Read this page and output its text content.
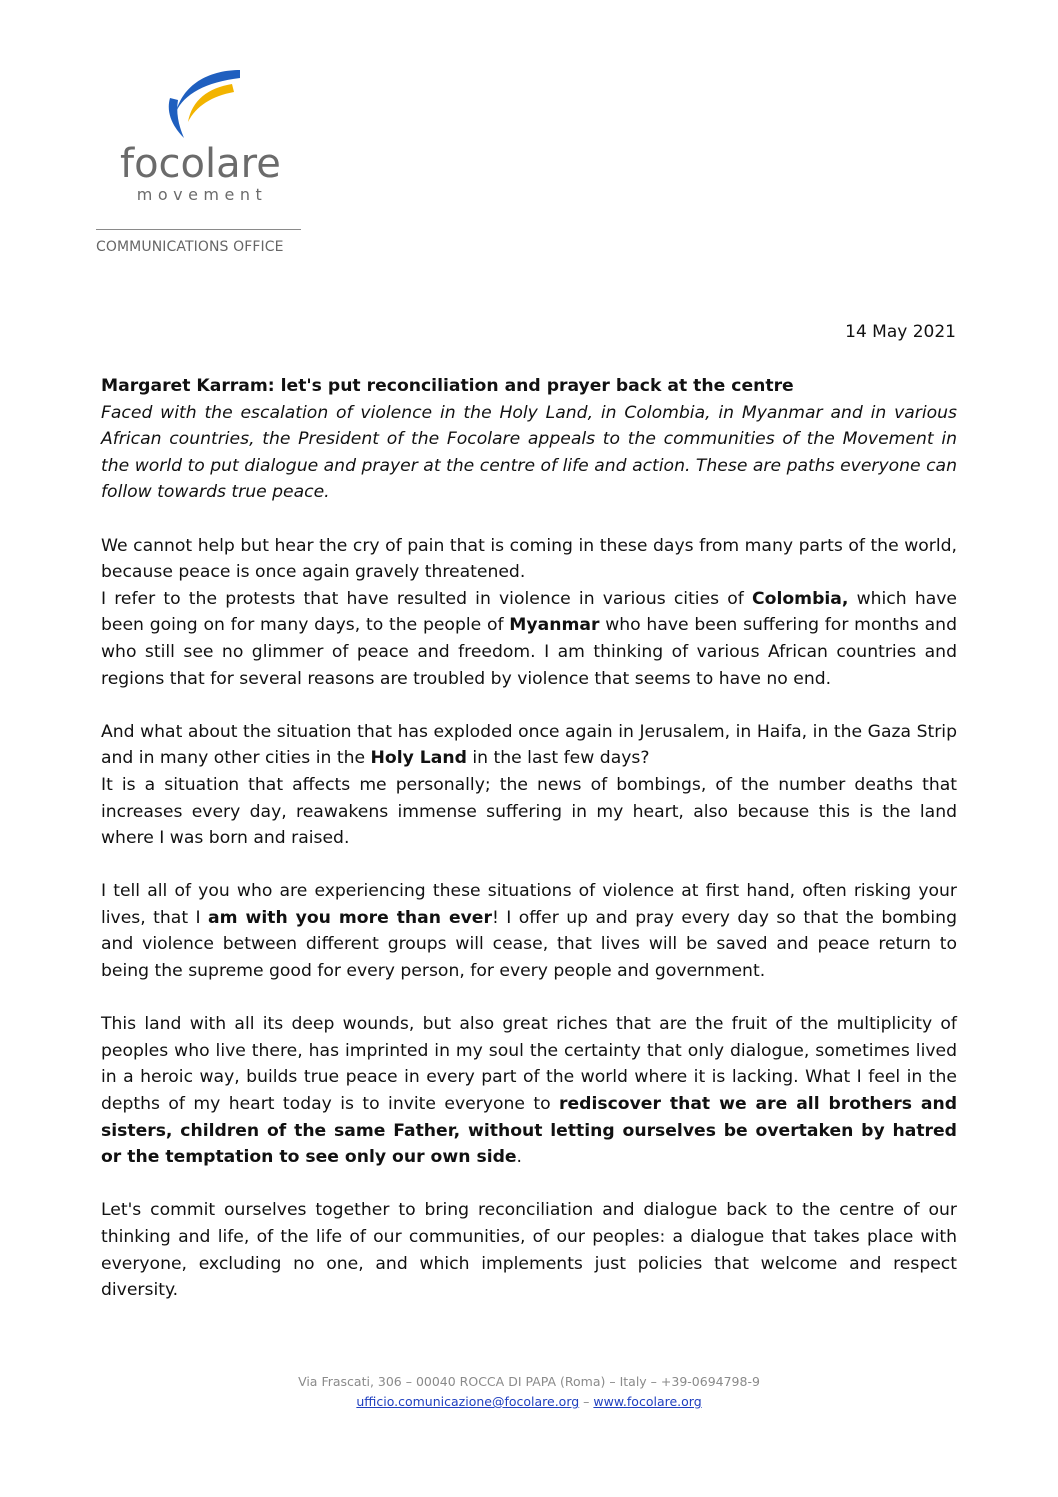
focolare
movement
COMMUNICATIONS OFFICE
14 May 2021

Margaret Karram: let's put reconciliation and prayer back at the centre

Faced with the escalation of violence in the Holy Land, in Colombia, in Myanmar and in various African countries, the President of the Focolare appeals to the communities of the Movement in the world to put dialogue and prayer at the centre of life and action. These are paths everyone can follow towards true peace.

We cannot help but hear the cry of pain that is coming in these days from many parts of the world, because peace is once again gravely threatened.

I refer to the protests that have resulted in violence in various cities of Colombia, which have been going on for many days, to the people of Myanmar who have been suffering for months and who still see no glimmer of peace and freedom. I am thinking of various African countries and regions that for several reasons are troubled by violence that seems to have no end.

And what about the situation that has exploded once again in Jerusalem, in Haifa, in the Gaza Strip and in many other cities in the Holy Land in the last few days?

It is a situation that affects me personally; the news of bombings, of the number deaths that increases every day, reawakens immense suffering in my heart, also because this is the land where I was born and raised.

I tell all of you who are experiencing these situations of violence at first hand, often risking your lives, that I am with you more than ever! I offer up and pray every day so that the bombing and violence between different groups will cease, that lives will be saved and peace return to being the supreme good for every person, for every people and government.

This land with all its deep wounds, but also great riches that are the fruit of the multiplicity of peoples who live there, has imprinted in my soul the certainty that only dialogue, sometimes lived in a heroic way, builds true peace in every part of the world where it is lacking. What I feel in the depths of my heart today is to invite everyone to rediscover that we are all brothers and sisters, children of the same Father, without letting ourselves be overtaken by hatred or the temptation to see only our own side.

Let's commit ourselves together to bring reconciliation and dialogue back to the centre of our thinking and life, of the life of our communities, of our peoples: a dialogue that takes place with everyone, excluding no one, and which implements just policies that welcome and respect diversity.

Via Frascati, 306 – 00040 ROCCA DI PAPA (Roma) – Italy – +39-0694798-9
ufficio.comunicazione@focolare.org – www.focolare.org
